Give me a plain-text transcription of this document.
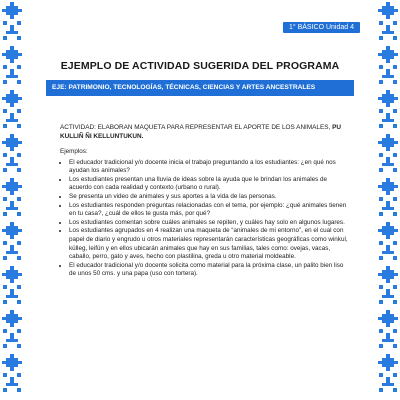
1° BÁSICO Unidad 4
EJEMPLO DE ACTIVIDAD SUGERIDA DEL PROGRAMA
EJE: PATRIMONIO, TECNOLOGÍAS, TÉCNICAS, CIENCIAS Y ARTES ANCESTRALES
ACTIVIDAD: ELABORAN MAQUETA PARA REPRESENTAR EL APORTE DE LOS ANIMALES, PU KULLIÑ ÑI KELLUNTUKUN.
Ejemplos:
• El educador tradicional y/o docente inicia el trabajo preguntando a los estudiantes: ¿en qué nos ayudan los animales?
• Los estudiantes presentan una lluvia de ideas sobre la ayuda que le brindan los animales de acuerdo con cada realidad y contexto (urbano o rural).
• Se presenta un video de animales y sus aportes a la vida de las personas.
• Los estudiantes responden preguntas relacionadas con el tema, por ejemplo: ¿qué animales tienen en tu casa?, ¿cuál de ellos te gusta más, por qué?
• Los estudiantes comentan sobre cuáles animales se repiten, y cuáles hay solo en algunos lugares.
• Los estudiantes agrupados en 4 realizan una maqueta de “animales de mi entorno”, en el cual con papel de diario y engrudo u otros materiales representarán características geográficas como winkul, külleg, leifün y en ellos ubicarán animales que hay en sus familias, tales como: ovejas, vacas, caballo, perro, gato y aves, hecho con plastilina, greda u otro material moldeable.
• El educador tradicional y/o docente solicita como material para la próxima clase, un palito bien liso de unos 50 cms. y una papa (uso con tortera).
